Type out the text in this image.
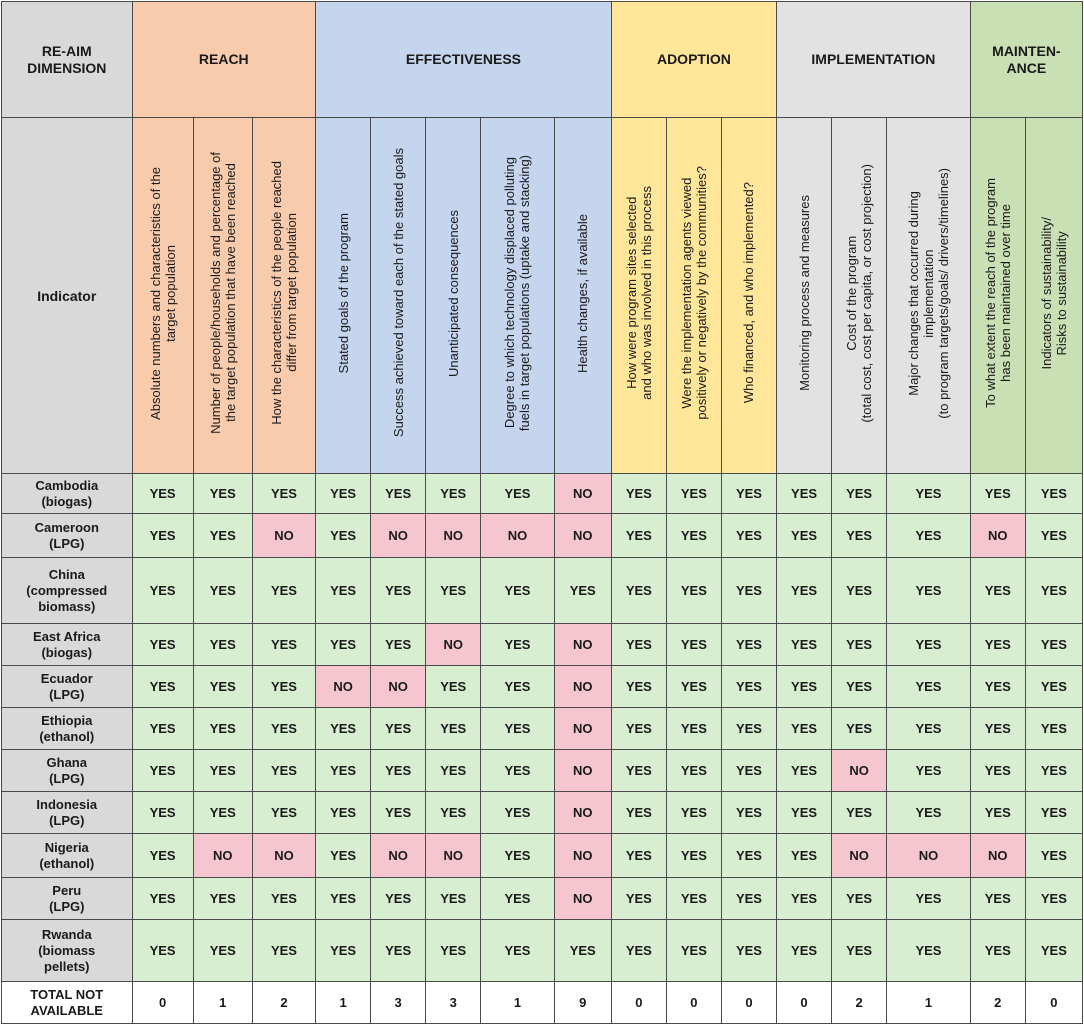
RE-AIM DIMENSION	REACH			EFFECTIVENESS					ADOPTION			IMPLEMENTATION			MAINTEN-ANCE	
Indicator	Absolute numbers and characteristics of the
target population	Number of people/households and percentage of
the target population that have been reached	How the characteristics of the people reached
differ from target population	Stated goals of the program	Success achieved toward each of the stated goals	Unanticipated consequences	Degree to which technology displaced polluting
fuels in target populations (uptake and stacking)	Health changes, if available	How were program sites selected
and who was involved in this process	Were the implementation agents viewed
positively or negatively by the communities?	Who financed, and who implemented?	Monitoring process and measures	Cost of the program
(total cost, cost per capita, or cost projection)	Major changes that occurred during
implementation
(to program targets/goals/ drivers/timelines)	To what extent the reach of the program
has been maintained over time	Indicators of sustainability/
Risks to sustainability
Cambodia
(biogas)	YES	YES	YES	YES	YES	YES	YES	NO	YES	YES	YES	YES	YES	YES	YES	YES
Cameroon
(LPG)	YES	YES	NO	YES	NO	NO	NO	NO	YES	YES	YES	YES	YES	YES	NO	YES
China
(compressed
biomass)	YES	YES	YES	YES	YES	YES	YES	YES	YES	YES	YES	YES	YES	YES	YES	YES
East Africa
(biogas)	YES	YES	YES	YES	YES	NO	YES	NO	YES	YES	YES	YES	YES	YES	YES	YES
Ecuador
(LPG)	YES	YES	YES	NO	NO	YES	YES	NO	YES	YES	YES	YES	YES	YES	YES	YES
Ethiopia
(ethanol)	YES	YES	YES	YES	YES	YES	YES	NO	YES	YES	YES	YES	YES	YES	YES	YES
Ghana
(LPG)	YES	YES	YES	YES	YES	YES	YES	NO	YES	YES	YES	YES	NO	YES	YES	YES
Indonesia
(LPG)	YES	YES	YES	YES	YES	YES	YES	NO	YES	YES	YES	YES	YES	YES	YES	YES
Nigeria
(ethanol)	YES	NO	NO	YES	NO	NO	YES	NO	YES	YES	YES	YES	NO	NO	NO	YES
Peru
(LPG)	YES	YES	YES	YES	YES	YES	YES	NO	YES	YES	YES	YES	YES	YES	YES	YES
Rwanda
(biomass
pellets)	YES	YES	YES	YES	YES	YES	YES	YES	YES	YES	YES	YES	YES	YES	YES	YES
TOTAL NOT
AVAILABLE	0	1	2	1	3	3	1	9	0	0	0	0	2	1	2	0
